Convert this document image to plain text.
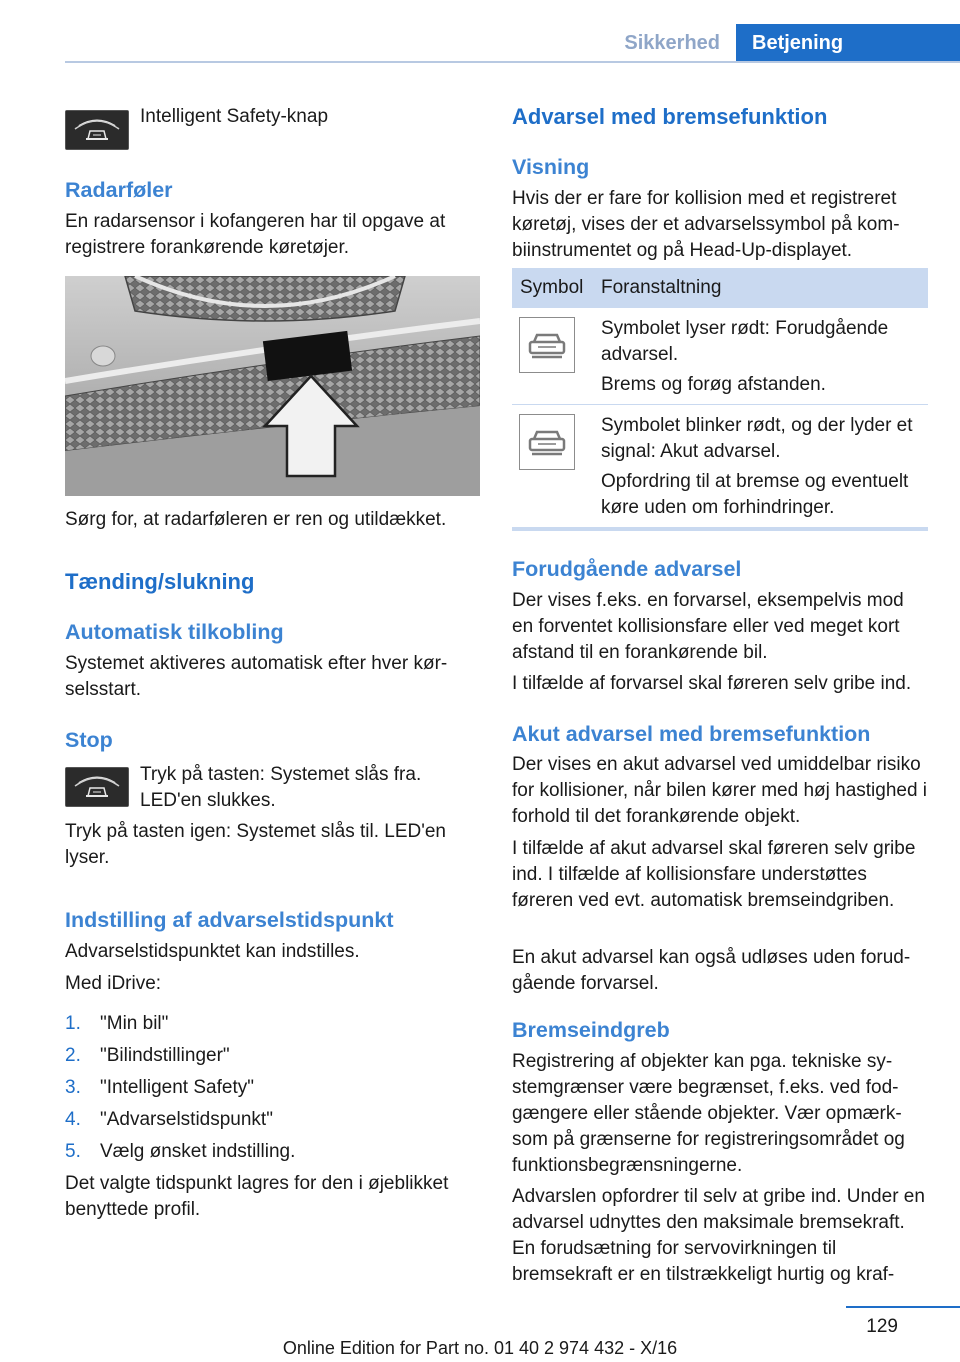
Sikkerhed	Betjening

Intelligent Safety-knap

Radarføler

En radarsensor i kofangeren har til opgave at registrere forankørende køretøjer.

Sørg for, at radarføleren er ren og utildækket.

Tænding/slukning
Automatisk tilkobling

Systemet aktiveres automatisk efter hver kørselsstart.

Stop

Tryk på tasten: Systemet slås fra. LED'en slukkes.

Tryk på tasten igen: Systemet slås til. LED'en lyser.

Indstilling af advarselstidspunkt

Advarselstidspunktet kan indstilles.

Med iDrive:

1. "Min bil"
2. "Bilindstillinger"
3. "Intelligent Safety"
4. "Advarselstidspunkt"
5. Vælg ønsket indstilling.

Det valgte tidspunkt lagres for den i øjeblikket benyttede profil.

Advarsel med bremsefunktion
Visning

Hvis der er fare for kollision med et registreret køretøj, vises der et advarselssymbol på kombiinstrumentet og på Head-Up-displayet.

Symbol Foranstaltning

Symbolet lyser rødt: Forudgående advarsel.

Brems og forøg afstanden.

Symbolet blinker rødt, og der lyder et signal: Akut advarsel.

Opfordring til at bremse og eventuelt køre uden om forhindringer.

Forudgående advarsel

Der vises f.eks. en forvarsel, eksempelvis mod en forventet kollisionsfare eller ved meget kort afstand til en forankørende bil.

I tilfælde af forvarsel skal føreren selv gribe ind.

Akut advarsel med bremsefunktion

Der vises en akut advarsel ved umiddelbar risiko for kollisioner, når bilen kører med høj hastighed i forhold til det forankørende objekt.

I tilfælde af akut advarsel skal føreren selv gribe ind. I tilfælde af kollisionsfare understøttes føreren ved evt. automatisk bremseindgriben.

En akut advarsel kan også udløses uden forudgående forvarsel.

Bremseindgreb

Registrering af objekter kan pga. tekniske systemgrænser være begrænset, f.eks. ved fodgængere eller stående objekter. Vær opmærksom på grænserne for registreringsområdet og funktionsbegrænsningerne.

Advarslen opfordrer til selv at gribe ind. Under en advarsel udnyttes den maksimale bremsekraft. En forudsætning for servovirkningen til bremsekraft er en tilstrækkeligt hurtig og kraf-

129
Online Edition for Part no. 01 40 2 974 432 - X/16
